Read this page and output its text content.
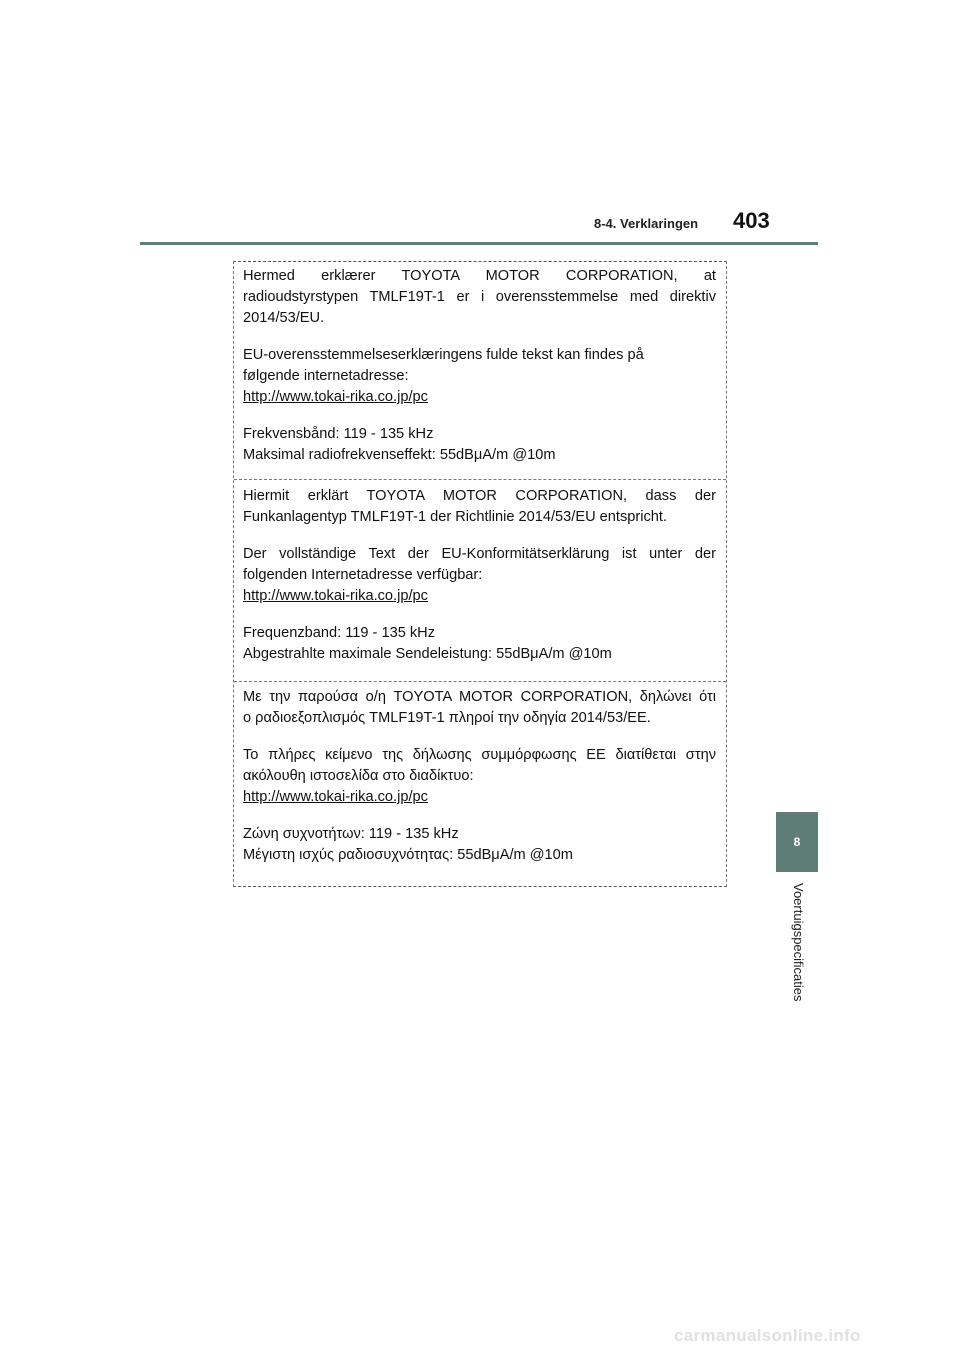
8-4. Verklaringen 403
8
Voertuigspecificaties

Hermed erklærer TOYOTA MOTOR CORPORATION, at
radioudstyrstypen TMLF19T-1 er i overensstemmelse med direktiv
2014/53/EU.

EU-overensstemmelseserklæringens fulde tekst kan findes på
følgende internetadresse:
http://www.tokai-rika.co.jp/pc

Frekvensbånd: 119 - 135 kHz
Maksimal radiofrekvenseffekt: 55dBμA/m @10m

Hiermit erklärt TOYOTA MOTOR CORPORATION, dass der
Funkanlagentyp TMLF19T-1 der Richtlinie 2014/53/EU entspricht.

Der vollständige Text der EU-Konformitätserklärung ist unter der
folgenden Internetadresse verfügbar:
http://www.tokai-rika.co.jp/pc

Frequenzband: 119 - 135 kHz
Abgestrahlte maximale Sendeleistung: 55dBμA/m @10m

Με την παρούσα ο/η TOYOTA MOTOR CORPORATION, δηλώνει ότι
ο ραδιοεξοπλισμός TMLF19T-1 πληροί την οδηγία 2014/53/ΕΕ.

Το πλήρες κείμενο της δήλωσης συμμόρφωσης ΕΕ διατίθεται στην
ακόλουθη ιστοσελίδα στο διαδίκτυο:
http://www.tokai-rika.co.jp/pc

Ζώνη συχνοτήτων: 119 - 135 kHz
Μέγιστη ισχύς ραδιοσυχνότητας: 55dBμA/m @10m

carmanualsonline.info
